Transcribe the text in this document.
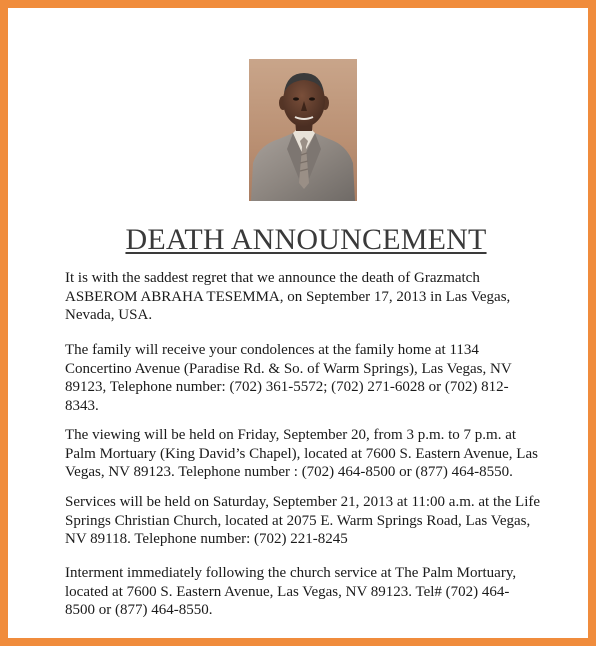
DEATH ANNOUNCEMENT

It is with the saddest regret that we announce the death of Grazmatch
ASBEROM ABRAHA TESEMMA, on September 17, 2013 in Las Vegas,
Nevada, USA.

The family will receive your condolences at the family home at 1134
Concertino Avenue (Paradise Rd. & So. of Warm Springs), Las Vegas, NV
89123, Telephone number: (702) 361-5572; (702) 271-6028 or (702) 812-
8343.

The viewing will be held on Friday, September 20, from 3 p.m. to 7 p.m. at
Palm Mortuary (King David’s Chapel), located at 7600 S. Eastern Avenue, Las
Vegas, NV 89123. Telephone number : (702) 464-8500 or (877) 464-8550.

Services will be held on Saturday, September 21, 2013 at 11:00 a.m. at the Life
Springs Christian Church, located at 2075 E. Warm Springs Road, Las Vegas,
NV 89118. Telephone number: (702) 221-8245

Interment immediately following the church service at The Palm Mortuary,
located at 7600 S. Eastern Avenue, Las Vegas, NV 89123. Tel# (702) 464-
8500 or (877) 464-8550.
